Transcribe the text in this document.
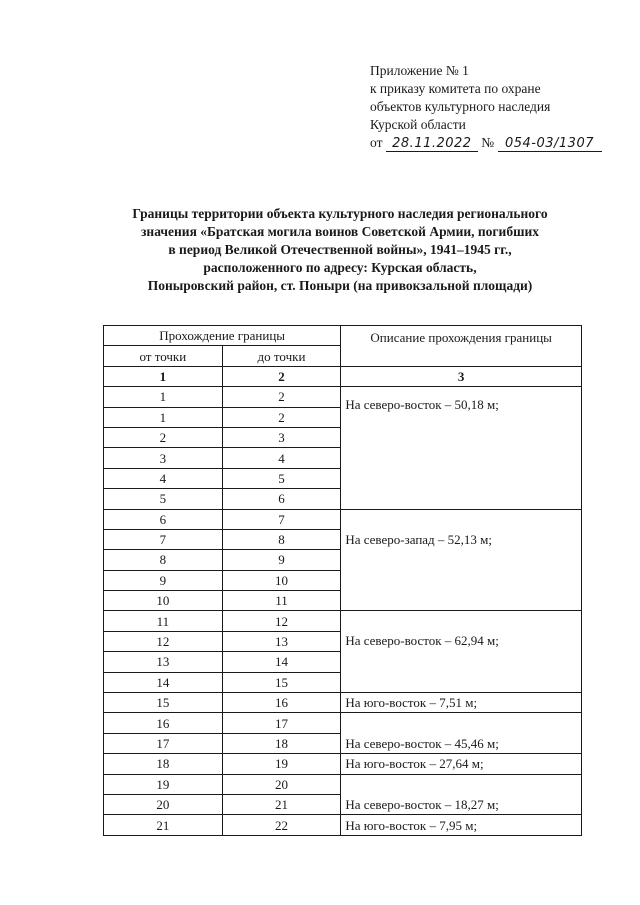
Приложение № 1
к приказу комитета по охране
объектов культурного наследия
Курской области
от 28.11.2022 № 054-03/1307
Границы территории объекта культурного наследия регионального
значения «Братская могила воинов Советской Армии, погибших
в период Великой Отечественной войны», 1941–1945 гг.,
расположенного по адресу: Курская область,
Поныровский район, ст. Поныри (на привокзальной площади)
Прохождение границы		Описание прохождения границы
от точки	до точки	
1	2	3
1	2	На северо-восток – 50,18 м;
1	2	
2	3	
3	4	
4	5	
5	6	
6	7	На северо-запад – 52,13 м;
7	8	
8	9	
9	10	
10	11	
11	12	На северо-восток – 62,94 м;
12	13	
13	14	
14	15	
15	16	На юго-восток – 7,51 м;
16	17	На северо-восток – 45,46 м;
17	18	
18	19	На юго-восток – 27,64 м;
19	20	На северо-восток – 18,27 м;
20	21	
21	22	На юго-восток – 7,95 м;
